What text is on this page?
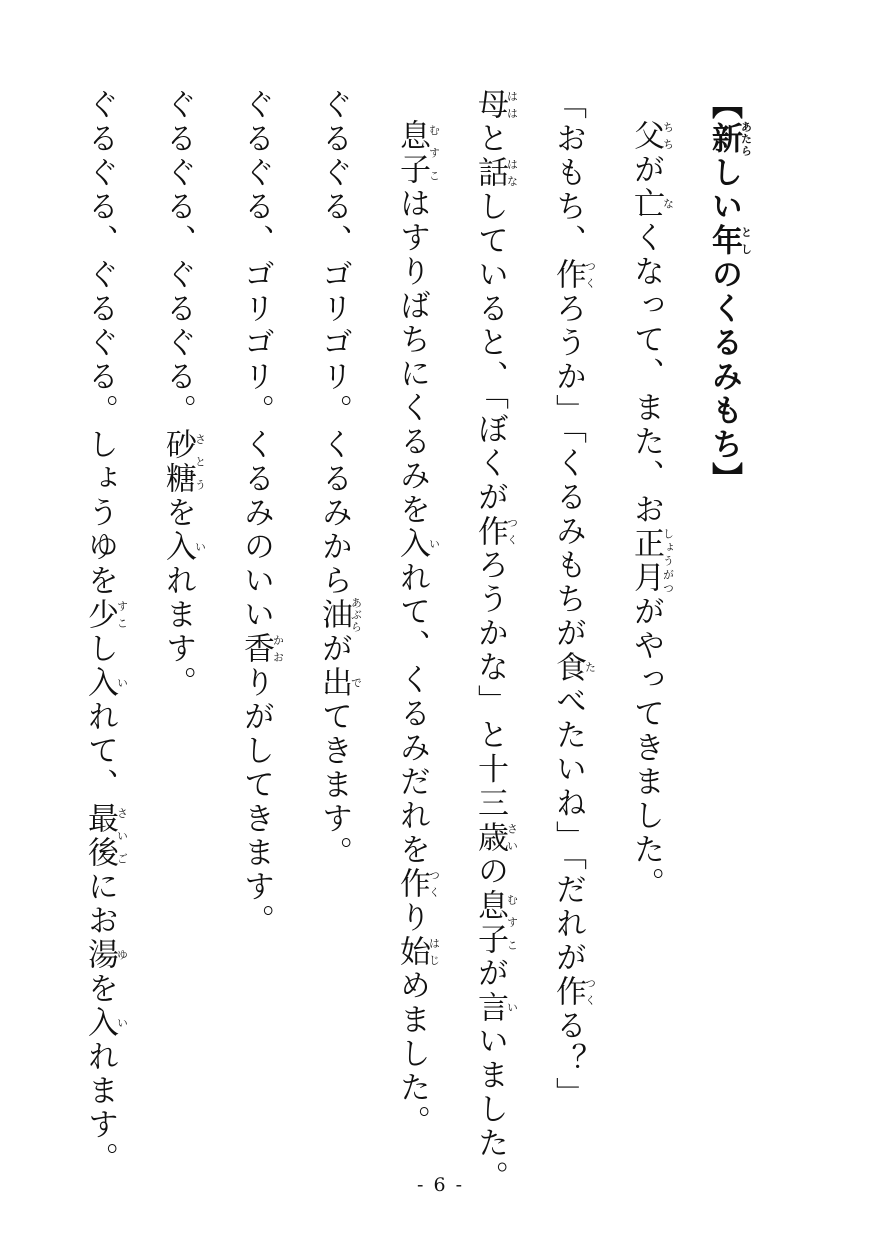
【新あたらしい年としのくるみもち】
父ちちが亡なくなって、また、お正月しょうがつがやってきました。
「おもち、作つくろうか」「くるみもちが食たべたいね」「だれが作つくる？」
母ははと話はなしていると、「ぼくが作つくろうかな」と十三歳さいの息子むすこが言いいました。
息子むすこはすりばちにくるみを入いれて、くるみだれを作つくり始はじめました。
ぐるぐる、ゴリゴリ。くるみから油あぶらが出でてきます。
ぐるぐる、ゴリゴリ。くるみのいい香かおりがしてきます。
ぐるぐる、ぐるぐる。砂糖さとうを入いれます。
ぐるぐる、ぐるぐる。しょうゆを少すこし入いれて、最後さいごにお湯ゆを入いれます。
- 6 -
